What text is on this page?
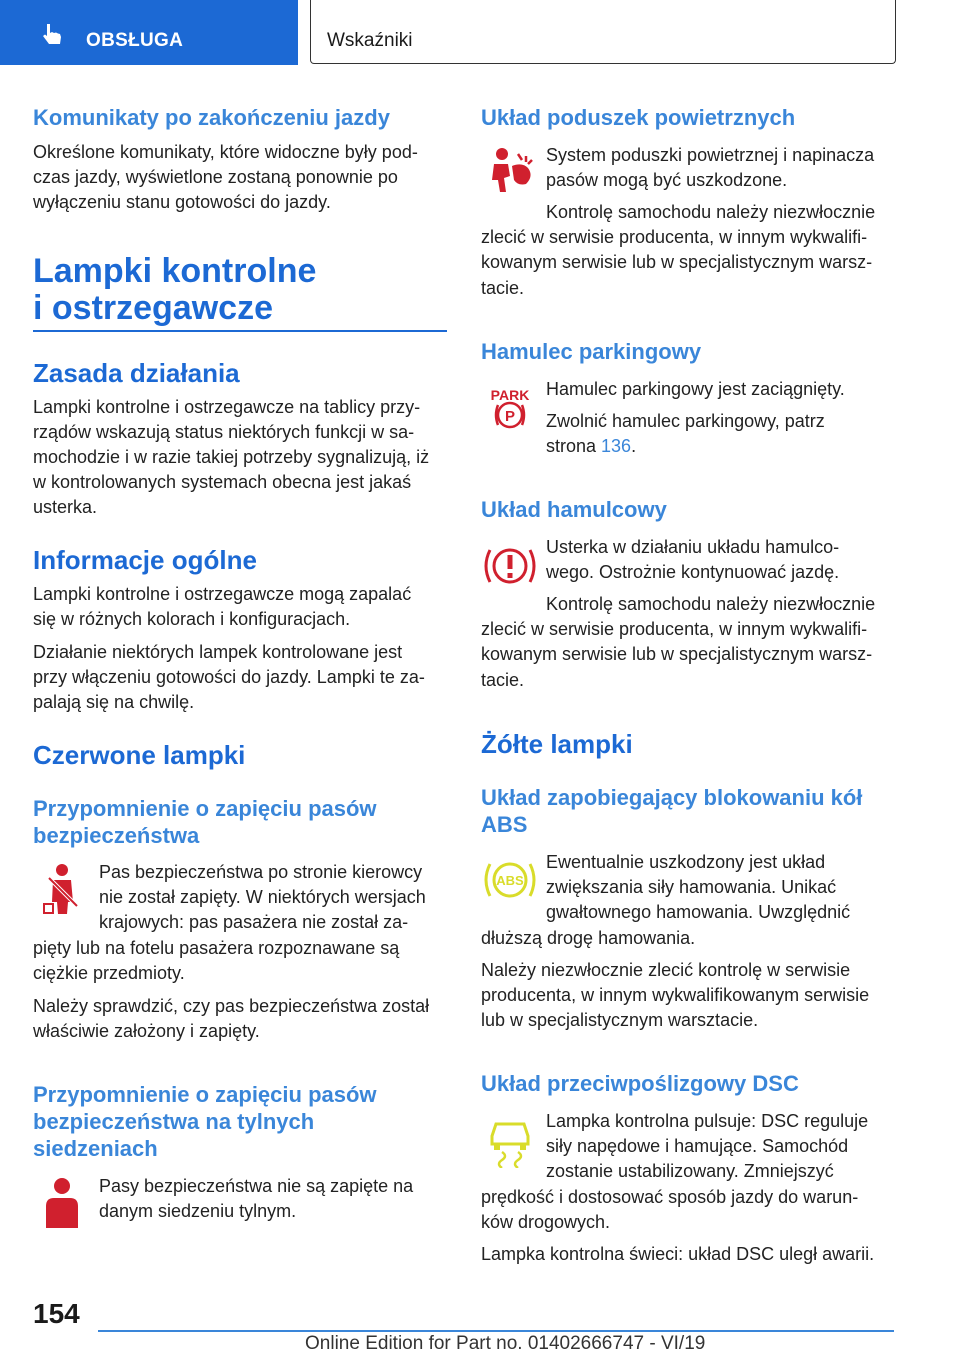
OBSŁUGA	Wskaźniki
Komunikaty po zakończeniu jazdy
Określone komunikaty, które widoczne były pod-
czas jazdy, wyświetlone zostaną ponownie po
wyłączeniu stanu gotowości do jazdy.
Lampki kontrolne
i ostrzegawcze
Zasada działania
Lampki kontrolne i ostrzegawcze na tablicy przy-
rządów wskazują status niektórych funkcji w sa-
mochodzie i w razie takiej potrzeby sygnalizują, iż
w kontrolowanych systemach obecna jest jakaś
usterka.
Informacje ogólne
Lampki kontrolne i ostrzegawcze mogą zapalać
się w różnych kolorach i konfiguracjach.
Działanie niektórych lampek kontrolowane jest
przy włączeniu gotowości do jazdy. Lampki te za-
palają się na chwilę.
Czerwone lampki
Przypomnienie o zapięciu pasów
bezpieczeństwa
Pas bezpieczeństwa po stronie kierowcy
nie został zapięty. W niektórych wersjach
krajowych: pas pasażera nie został za-
pięty lub na fotelu pasażera rozpoznawane są
ciężkie przedmioty.
Należy sprawdzić, czy pas bezpieczeństwa został
właściwie założony i zapięty.
Przypomnienie o zapięciu pasów
bezpieczeństwa na tylnych
siedzeniach
Pasy bezpieczeństwa nie są zapięte na
danym siedzeniu tylnym.
Układ poduszek powietrznych
System poduszki powietrznej i napinacza
pasów mogą być uszkodzone.
Kontrolę samochodu należy niezwłocznie
zlecić w serwisie producenta, w innym wykwalifi-
kowanym serwisie lub w specjalistycznym warsz-
tacie.
Hamulec parkingowy
PARK
P
Hamulec parkingowy jest zaciągnięty.
Zwolnić hamulec parkingowy, patrz
strona 136.
Układ hamulcowy
Usterka w działaniu układu hamulco-
wego. Ostrożnie kontynuować jazdę.
Kontrolę samochodu należy niezwłocznie
zlecić w serwisie producenta, w innym wykwalifi-
kowanym serwisie lub w specjalistycznym warsz-
tacie.
Żółte lampki
Układ zapobiegający blokowaniu kół
ABS
ABS
Ewentualnie uszkodzony jest układ
zwiększania siły hamowania. Unikać
gwałtownego hamowania. Uwzględnić
dłuższą drogę hamowania.
Należy niezwłocznie zlecić kontrolę w serwisie
producenta, w innym wykwalifikowanym serwisie
lub w specjalistycznym warsztacie.
Układ przeciwpoślizgowy DSC
Lampka kontrolna pulsuje: DSC reguluje
siły napędowe i hamujące. Samochód
zostanie ustabilizowany. Zmniejszyć
prędkość i dostosować sposób jazdy do warun-
ków drogowych.
Lampka kontrolna świeci: układ DSC uległ awarii.
154
Online Edition for Part no. 01402666747 - VI/19
